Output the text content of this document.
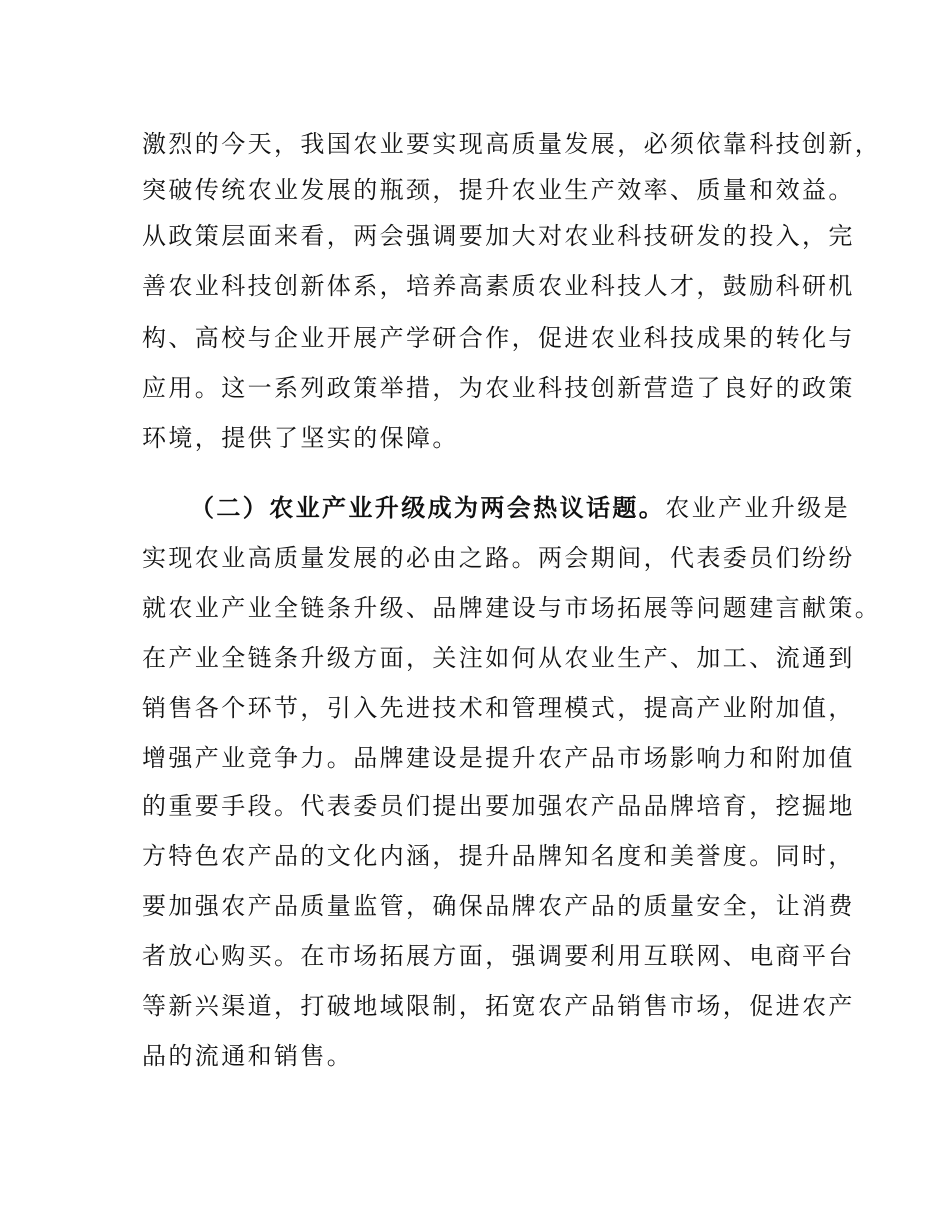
激烈的今天，我国农业要实现高质量发展，必须依靠科技创新，
突破传统农业发展的瓶颈，提升农业生产效率、质量和效益。
从政策层面来看，两会强调要加大对农业科技研发的投入，完
善农业科技创新体系，培养高素质农业科技人才，鼓励科研机
构、高校与企业开展产学研合作，促进农业科技成果的转化与
应用。这一系列政策举措，为农业科技创新营造了良好的政策
环境，提供了坚实的保障。
（二）农业产业升级成为两会热议话题。农业产业升级是
实现农业高质量发展的必由之路。两会期间，代表委员们纷纷
就农业产业全链条升级、品牌建设与市场拓展等问题建言献策。
在产业全链条升级方面，关注如何从农业生产、加工、流通到
销售各个环节，引入先进技术和管理模式，提高产业附加值，
增强产业竞争力。品牌建设是提升农产品市场影响力和附加值
的重要手段。代表委员们提出要加强农产品品牌培育，挖掘地
方特色农产品的文化内涵，提升品牌知名度和美誉度。同时，
要加强农产品质量监管，确保品牌农产品的质量安全，让消费
者放心购买。在市场拓展方面，强调要利用互联网、电商平台
等新兴渠道，打破地域限制，拓宽农产品销售市场，促进农产
品的流通和销售。
